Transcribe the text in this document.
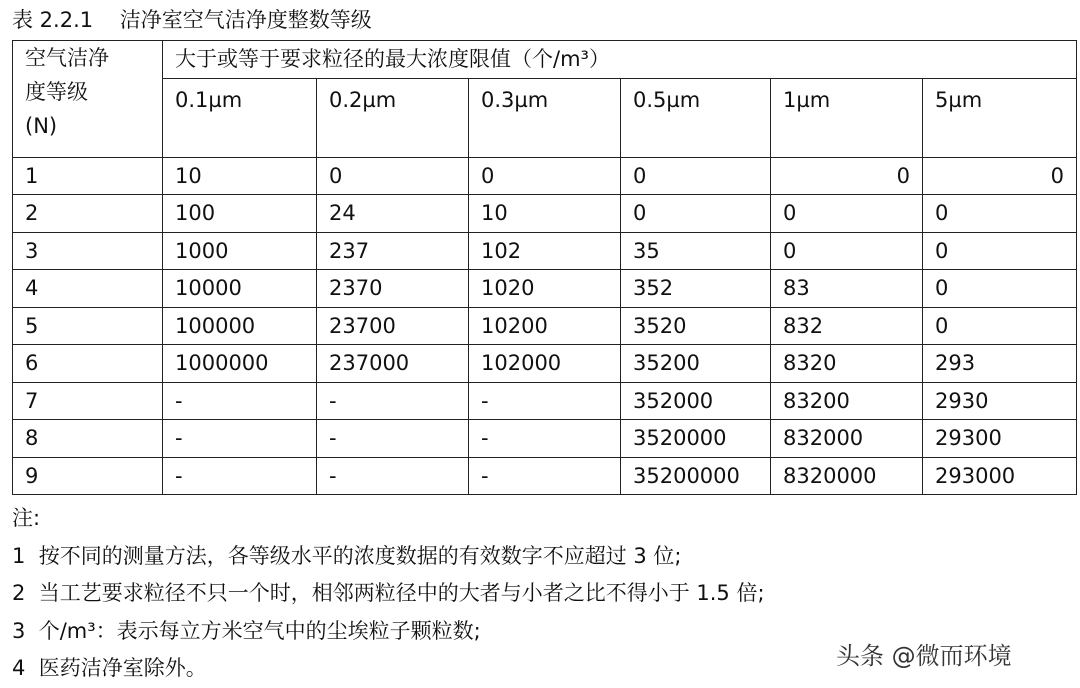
表 2.2.1    洁净室空气洁净度整数等级
空气洁净
度等级
(N)	大于或等于要求粒径的最大浓度限值（个/m³）					
	0.1µm	0.2µm	0.3µm	0.5µm	1µm	5µm
1	10	0	0	0	0	0
2	100	24	10	0	0	0
3	1000	237	102	35	0	0
4	10000	2370	1020	352	83	0
5	100000	23700	10200	3520	832	0
6	1000000	237000	102000	35200	8320	293
7	-	-	-	352000	83200	2930
8	-	-	-	3520000	832000	29300
9	-	-	-	35200000	8320000	293000
注:
1  按不同的测量方法，各等级水平的浓度数据的有效数字不应超过 3 位;
2  当工艺要求粒径不只一个时，相邻两粒径中的大者与小者之比不得小于 1.5 倍;
3  个/m³：表示每立方米空气中的尘埃粒子颗粒数;
4  医药洁净室除外。	头条 @微而环境
